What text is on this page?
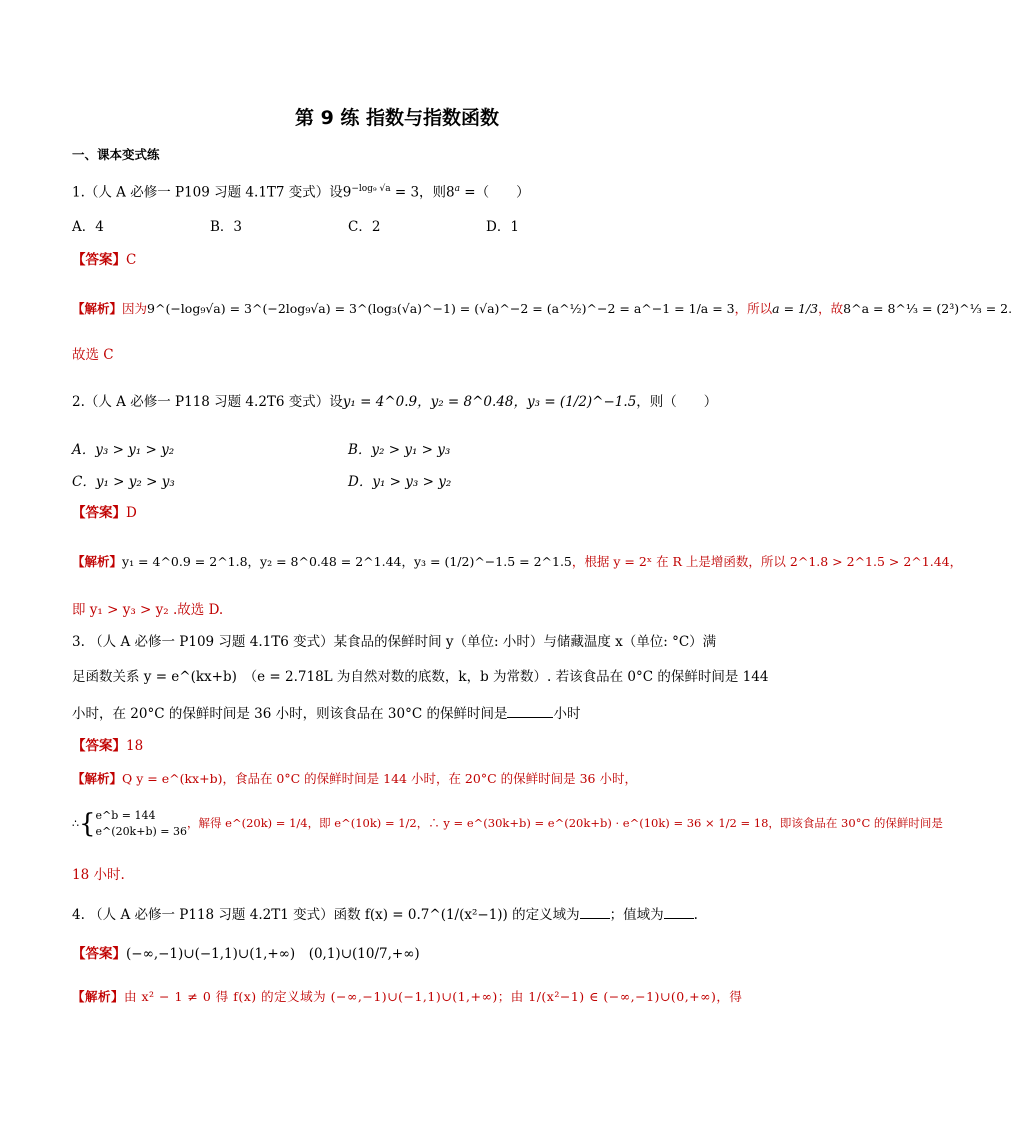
第 9 练 指数与指数函数
一、课本变式练
1.（人 A 必修一 P109 习题 4.1T7 变式）设$9^{-log_9 √a} = 3$，则$8^a$ =（　　）
A．4	B．3	C．2	D．1
【答案】C
【解析】因为9^(−log₉√a) = 3^(−2log₉√a) = 3^(log₃(√a)^−1) = (√a)^−2 = (a^½)^−2 = a^−1 = 1/a = 3，所以a = 1/3，故8^a = 8^⅓ = (2³)^⅓ = 2.
故选 C
2.（人 A 必修一 P118 习题 4.2T6 变式）设y₁ = 4^0.9，y₂ = 8^0.48，y₃ = (1/2)^−1.5，则（　　）
A．y₃ > y₁ > y₂	B．y₂ > y₁ > y₃
C．y₁ > y₂ > y₃	D．y₁ > y₃ > y₂
【答案】D
【解析】y₁ = 4^0.9 = 2^1.8，y₂ = 8^0.48 = 2^1.44，y₃ = (1/2)^−1.5 = 2^1.5，根据 y = 2ˣ 在 R 上是增函数，所以 2^1.8 > 2^1.5 > 2^1.44，
即 y₁ > y₃ > y₂ .故选 D.
3. （人 A 必修一 P109 习题 4.1T6 变式）某食品的保鲜时间 y（单位: 小时）与储藏温度 x（单位: °C）满
足函数关系 y = e^(kx+b)　（e = 2.718L 为自然对数的底数，k，b 为常数）. 若该食品在 0°C 的保鲜时间是 144
小时，在 20°C 的保鲜时间是 36 小时，则该食品在 30°C 的保鲜时间是	小时
【答案】18
【解析】Q y = e^(kx+b)，食品在 0°C 的保鲜时间是 144 小时，在 20°C 的保鲜时间是 36 小时，
∴{e^b = 144
e^(20k+b) = 36，解得 e^(20k) = 1/4，即 e^(10k) = 1/2，∴ y = e^(30k+b) = e^(20k+b) · e^(10k) = 36 × 1/2 = 18，即该食品在 30°C 的保鲜时间是
18 小时.
4. （人 A 必修一 P118 习题 4.2T1 变式）函数 f(x) = 0.7^(1/(x²−1)) 的定义域为 ；值域为 .
【答案】(−∞,−1)∪(−1,1)∪(1,+∞)　(0,1)∪(10/7,+∞)
【解析】由 x² − 1 ≠ 0 得 f(x) 的定义域为 (−∞,−1)∪(−1,1)∪(1,+∞)；由 1/(x²−1) ∈ (−∞,−1)∪(0,+∞)，得
